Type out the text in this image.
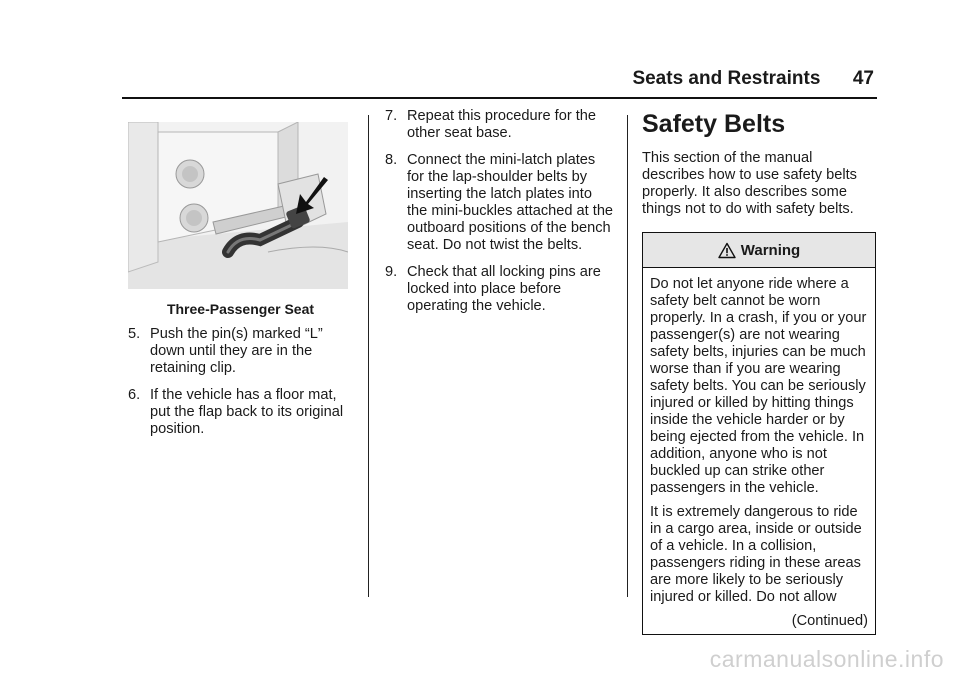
Seats and Restraints 47
Three-Passenger Seat
5. Push the pin(s) marked “L” down until they are in the retaining clip.
6. If the vehicle has a floor mat, put the flap back to its original position.
7. Repeat this procedure for the other seat base.
8. Connect the mini-latch plates for the lap-shoulder belts by inserting the latch plates into the mini-buckles attached at the outboard positions of the bench seat. Do not twist the belts.
9. Check that all locking pins are locked into place before operating the vehicle.
Safety Belts
This section of the manual describes how to use safety belts properly. It also describes some things not to do with safety belts.
Warning

Do not let anyone ride where a safety belt cannot be worn properly. In a crash, if you or your passenger(s) are not wearing safety belts, injuries can be much worse than if you are wearing safety belts. You can be seriously injured or killed by hitting things inside the vehicle harder or by being ejected from the vehicle. In addition, anyone who is not buckled up can strike other passengers in the vehicle.

It is extremely dangerous to ride in a cargo area, inside or outside of a vehicle. In a collision, passengers riding in these areas are more likely to be seriously injured or killed. Do not allow

(Continued)
carmanualsonline.info
